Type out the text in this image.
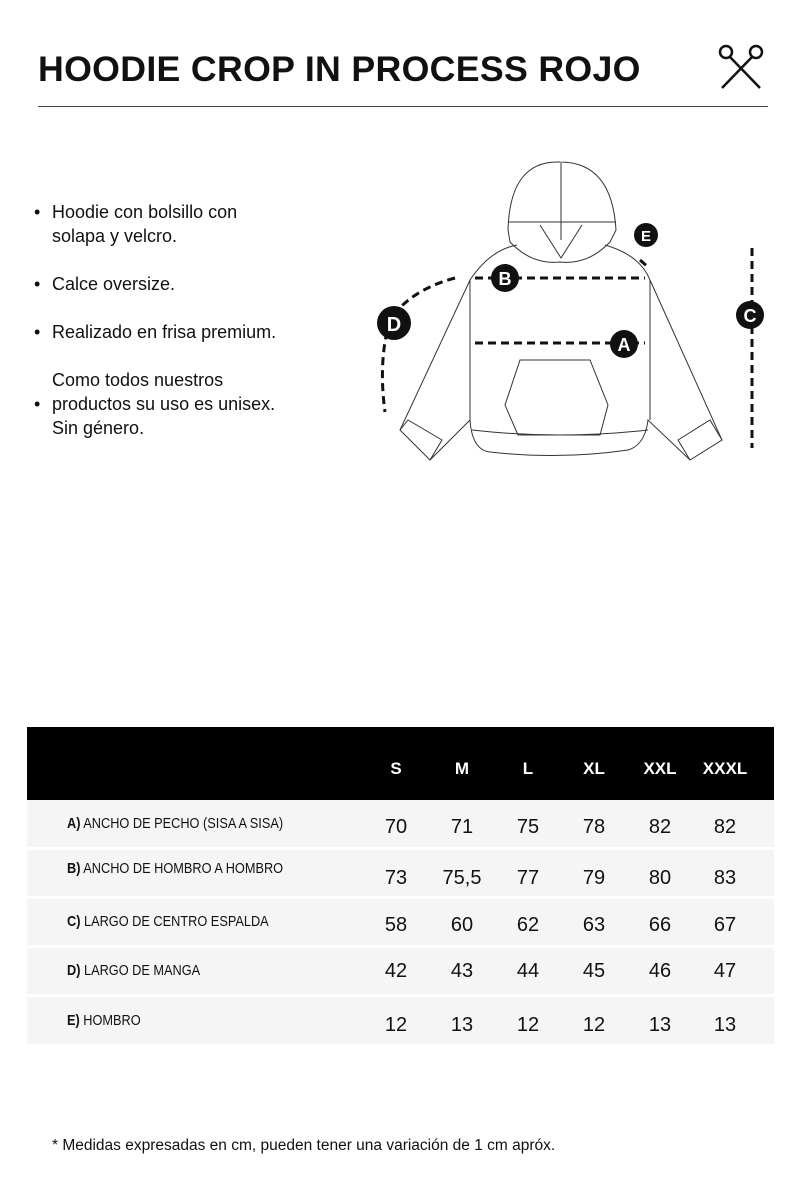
HOODIE CROP IN PROCESS ROJO
• Hoodie con bolsillo con
solapa y velcro.
• Calce oversize.
• Realizado en frisa premium.
•
Como todos nuestros
productos su uso es unisex.
Sin género.
B
A
C
D
E
S	M	L	XL XXL XXXL
A) ANCHO DE PECHO (SISA A SISA)	70 71 75 78 82 82
B) ANCHO DE HOMBRO A HOMBRO	73 75,5 77 79 80 83
C) LARGO DE CENTRO ESPALDA	58 60 62 63 66 67
D) LARGO DE MANGA	42 43 44 45 46 47
E) HOMBRO	12 13 12 12 13 13
* Medidas expresadas en cm, pueden tener una variación de 1 cm apróx.
